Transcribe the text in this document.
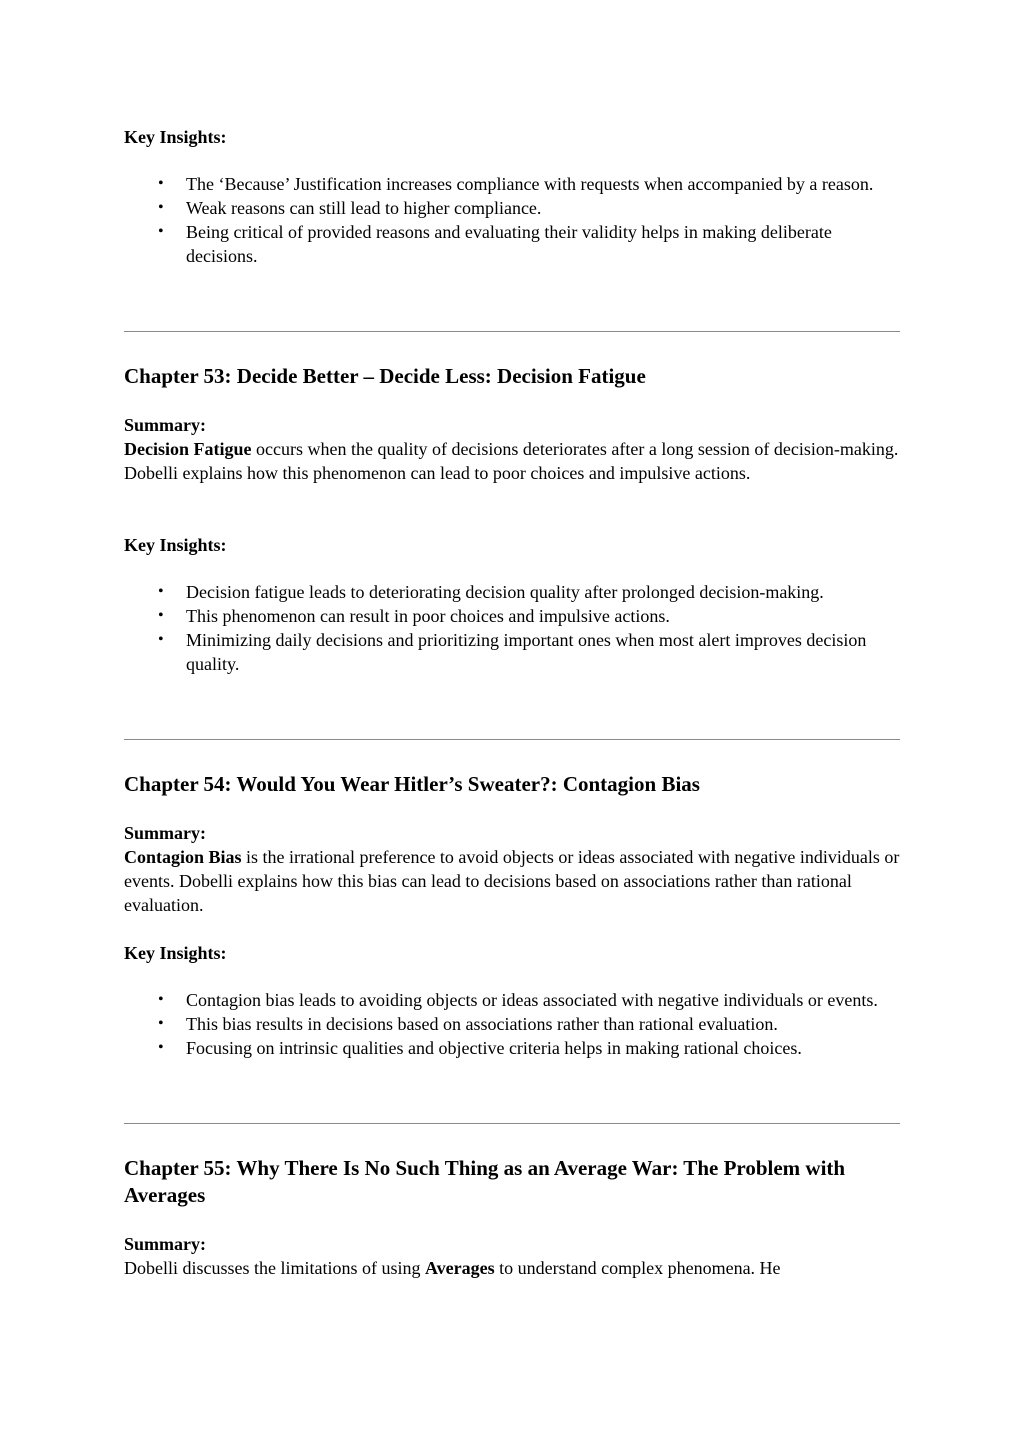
Key Insights:

• The ‘Because’ Justification increases compliance with requests when accompanied by a reason.
• Weak reasons can still lead to higher compliance.
• Being critical of provided reasons and evaluating their validity helps in making deliberate decisions.
Chapter 53: Decide Better – Decide Less: Decision Fatigue

Summary:

Decision Fatigue occurs when the quality of decisions deteriorates after a long session of decision-making. Dobelli explains how this phenomenon can lead to poor choices and impulsive actions.

Key Insights:

• Decision fatigue leads to deteriorating decision quality after prolonged decision-making.
• This phenomenon can result in poor choices and impulsive actions.
• Minimizing daily decisions and prioritizing important ones when most alert improves decision quality.
Chapter 54: Would You Wear Hitler’s Sweater?: Contagion Bias

Summary:

Contagion Bias is the irrational preference to avoid objects or ideas associated with negative individuals or events. Dobelli explains how this bias can lead to decisions based on associations rather than rational evaluation.

Key Insights:

• Contagion bias leads to avoiding objects or ideas associated with negative individuals or events.
• This bias results in decisions based on associations rather than rational evaluation.
• Focusing on intrinsic qualities and objective criteria helps in making rational choices.
Chapter 55: Why There Is No Such Thing as an Average War: The Problem with Averages

Summary:

Dobelli discusses the limitations of using Averages to understand complex phenomena. He
